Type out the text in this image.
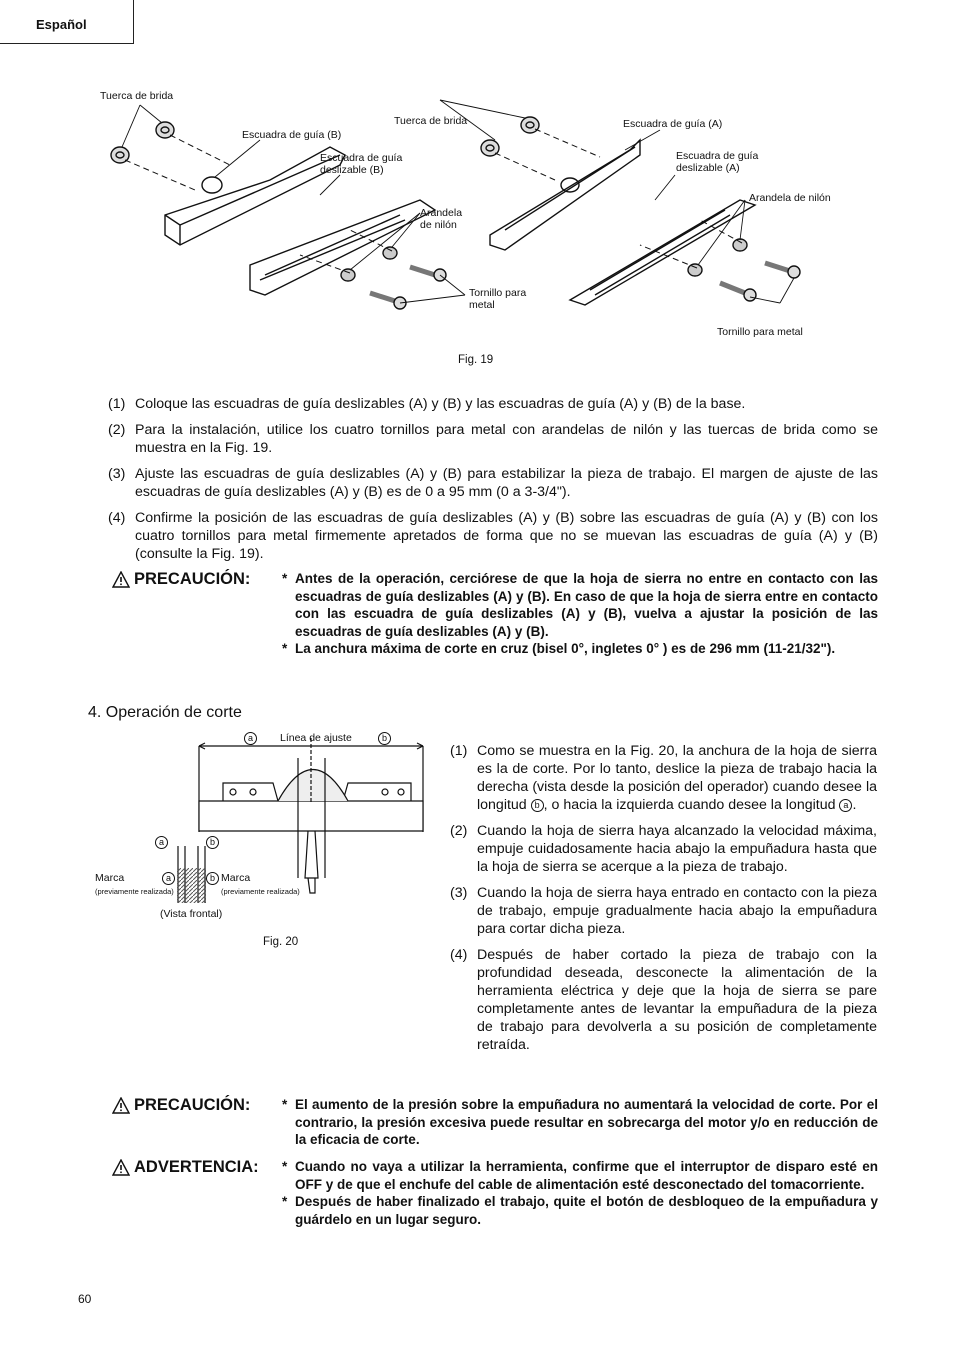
Español
Tuerca de brida
Escuadra de guía (B)
Escuadra de guía deslizable (B)
Tuerca de brida
Arandela de nilón
Tornillo para metal
Escuadra de guía (A)
Escuadra de guía deslizable (A)
Arandela de nilón
Tornillo para metal
Fig. 19
(1) Coloque las escuadras de guía deslizables (A) y (B) y las escuadras de guía (A) y (B) de la base.
(2) Para la instalación, utilice los cuatro tornillos para metal con arandelas de nilón y las tuercas de brida como se muestra en la Fig. 19.
(3) Ajuste las escuadras de guía deslizables (A) y (B) para estabilizar la pieza de trabajo. El margen de ajuste de las escuadras de guía deslizables (A) y (B) es de 0 a 95 mm (0 a 3-3/4").
(4) Confirme la posición de las escuadras de guía deslizables (A) y (B) sobre las escuadras de guía (A) y (B) con los cuatro tornillos para metal firmemente apretados de forma que no se muevan las escuadras de guía (A) y (B) (consulte la Fig. 19).
PRECAUCIÓN: * Antes de la operación, cerciórese de que la hoja de sierra no entre en contacto con las escuadras de guía deslizables (A) y (B). En caso de que la hoja de sierra entre en contacto con las escuadra de guía deslizables (A) y (B), vuelva a ajustar la posición de las escuadras de guía deslizables (A) y (B).
* La anchura máxima de corte en cruz (bisel 0°, ingletes 0° ) es de 296 mm (11-21/32").
4. Operación de corte
a	Línea de ajuste	b
a	b
Marca	a	b Marca
(previamente realizada)	(previamente realizada)
(Vista frontal)
Fig. 20
(1) Como se muestra en la Fig. 20, la anchura de la hoja de sierra es la de corte. Por lo tanto, deslice la pieza de trabajo hacia la derecha (vista desde la posición del operador) cuando desee la longitud b , o hacia la izquierda cuando desee la longitud a .
(2) Cuando la hoja de sierra haya alcanzado la velocidad máxima, empuje cuidadosamente hacia abajo la empuñadura hasta que la hoja de sierra se acerque a la pieza de trabajo.
(3) Cuando la hoja de sierra haya entrado en contacto con la pieza de trabajo, empuje gradualmente hacia abajo la empuñadura para cortar dicha pieza.
(4) Después de haber cortado la pieza de trabajo con la profundidad deseada, desconecte la alimentación de la herramienta eléctrica y deje que la hoja de sierra se pare completamente antes de levantar la empuñadura de la pieza de trabajo para devolverla a su posición de completamente retraída.
PRECAUCIÓN: * El aumento de la presión sobre la empuñadura no aumentará la velocidad de corte. Por el contrario, la presión excesiva puede resultar en sobrecarga del motor y/o en reducción de la eficacia de corte.
ADVERTENCIA: * Cuando no vaya a utilizar la herramienta, confirme que el interruptor de disparo esté en OFF y de que el enchufe del cable de alimentación esté desconectado del tomacorriente.
* Después de haber finalizado el trabajo, quite el botón de desbloqueo de la empuñadura y guárdelo en un lugar seguro.
60
